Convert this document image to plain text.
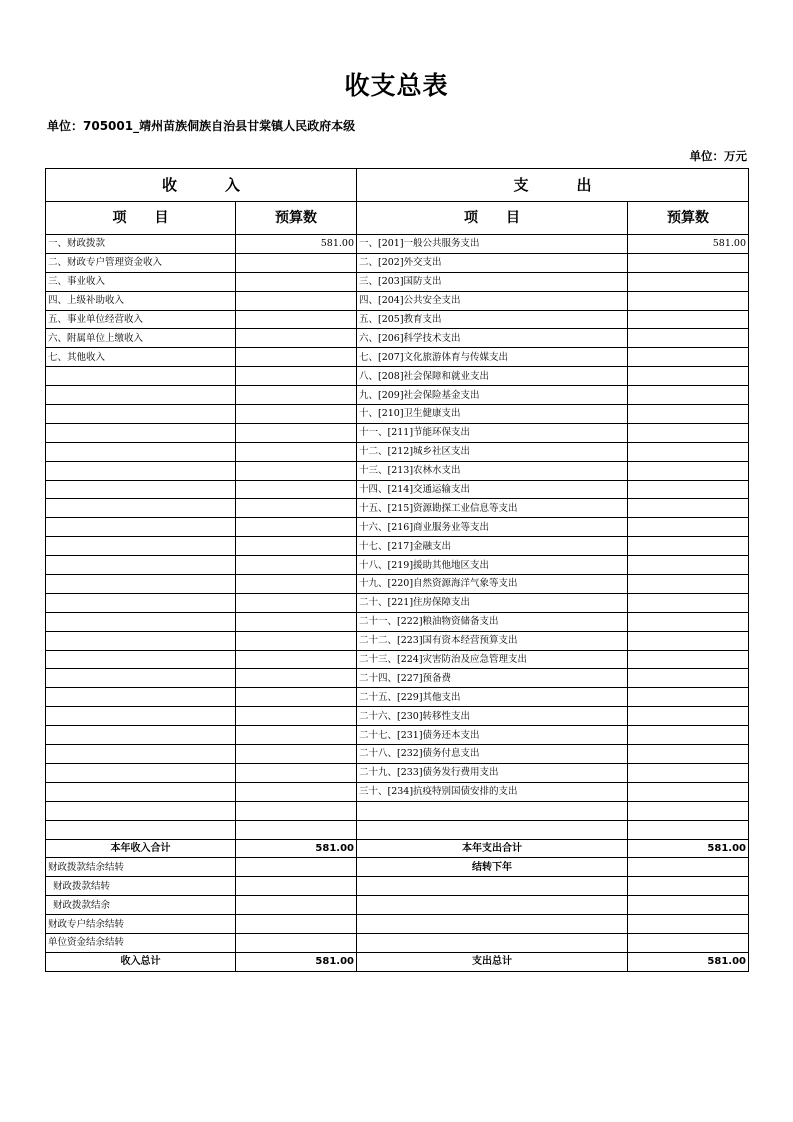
收支总表
单位：705001_靖州苗族侗族自治县甘棠镇人民政府本级
单位：万元
收 入		支 出	
项　　目	预算数	项　　目	预算数
一、财政拨款	581.00	一、[201]一般公共服务支出	581.00
二、财政专户管理资金收入		二、[202]外交支出	
三、事业收入		三、[203]国防支出	
四、上级补助收入		四、[204]公共安全支出	
五、事业单位经营收入		五、[205]教育支出	
六、附属单位上缴收入		六、[206]科学技术支出	
七、其他收入		七、[207]文化旅游体育与传媒支出	
		八、[208]社会保障和就业支出	
		九、[209]社会保险基金支出	
		十、[210]卫生健康支出	
		十一、[211]节能环保支出	
		十二、[212]城乡社区支出	
		十三、[213]农林水支出	
		十四、[214]交通运输支出	
		十五、[215]资源勘探工业信息等支出	
		十六、[216]商业服务业等支出	
		十七、[217]金融支出	
		十八、[219]援助其他地区支出	
		十九、[220]自然资源海洋气象等支出	
		二十、[221]住房保障支出	
		二十一、[222]粮油物资储备支出	
		二十二、[223]国有资本经营预算支出	
		二十三、[224]灾害防治及应急管理支出	
		二十四、[227]预备费	
		二十五、[229]其他支出	
		二十六、[230]转移性支出	
		二十七、[231]债务还本支出	
		二十八、[232]债务付息支出	
		二十九、[233]债务发行费用支出	
		三十、[234]抗疫特别国债安排的支出	

本年收入合计	581.00	本年支出合计	581.00
财政拨款结余结转		结转下年	
财政拨款结转			
财政拨款结余			
财政专户结余结转			
单位资金结余结转			
收入总计	581.00	支出总计	581.00
